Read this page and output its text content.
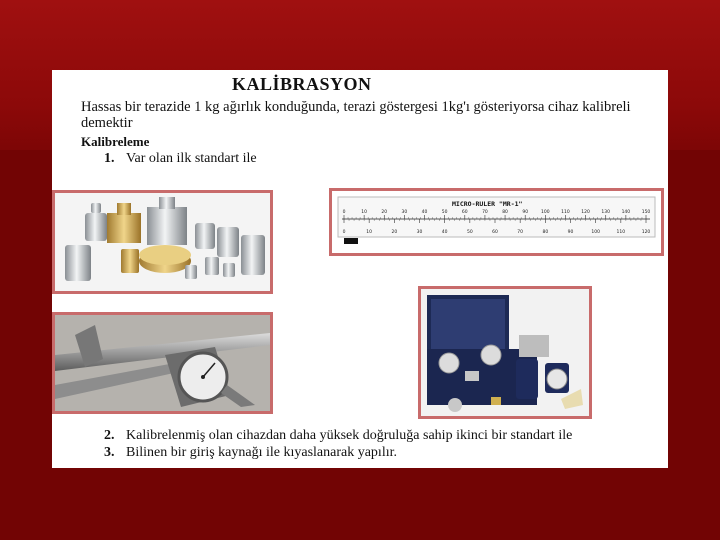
KALİBRASYON
Hassas bir terazide 1 kg ağırlık konduğunda, terazi göstergesi 1kg'ı gösteriyorsa cihaz kalibreli demektir
Kalibreleme
1. Var olan ilk standart ile
MICRO-RULER "MR-1"
0	10	20	30	40	50	60	70	80	90	100	110	120	130	140	150
0	10	20	30	40	50	60	70	80	90	100	110	120
2. Kalibrelenmiş olan cihazdan daha yüksek doğruluğa sahip ikinci bir standart ile
3. Bilinen bir giriş kaynağı ile kıyaslanarak yapılır.
